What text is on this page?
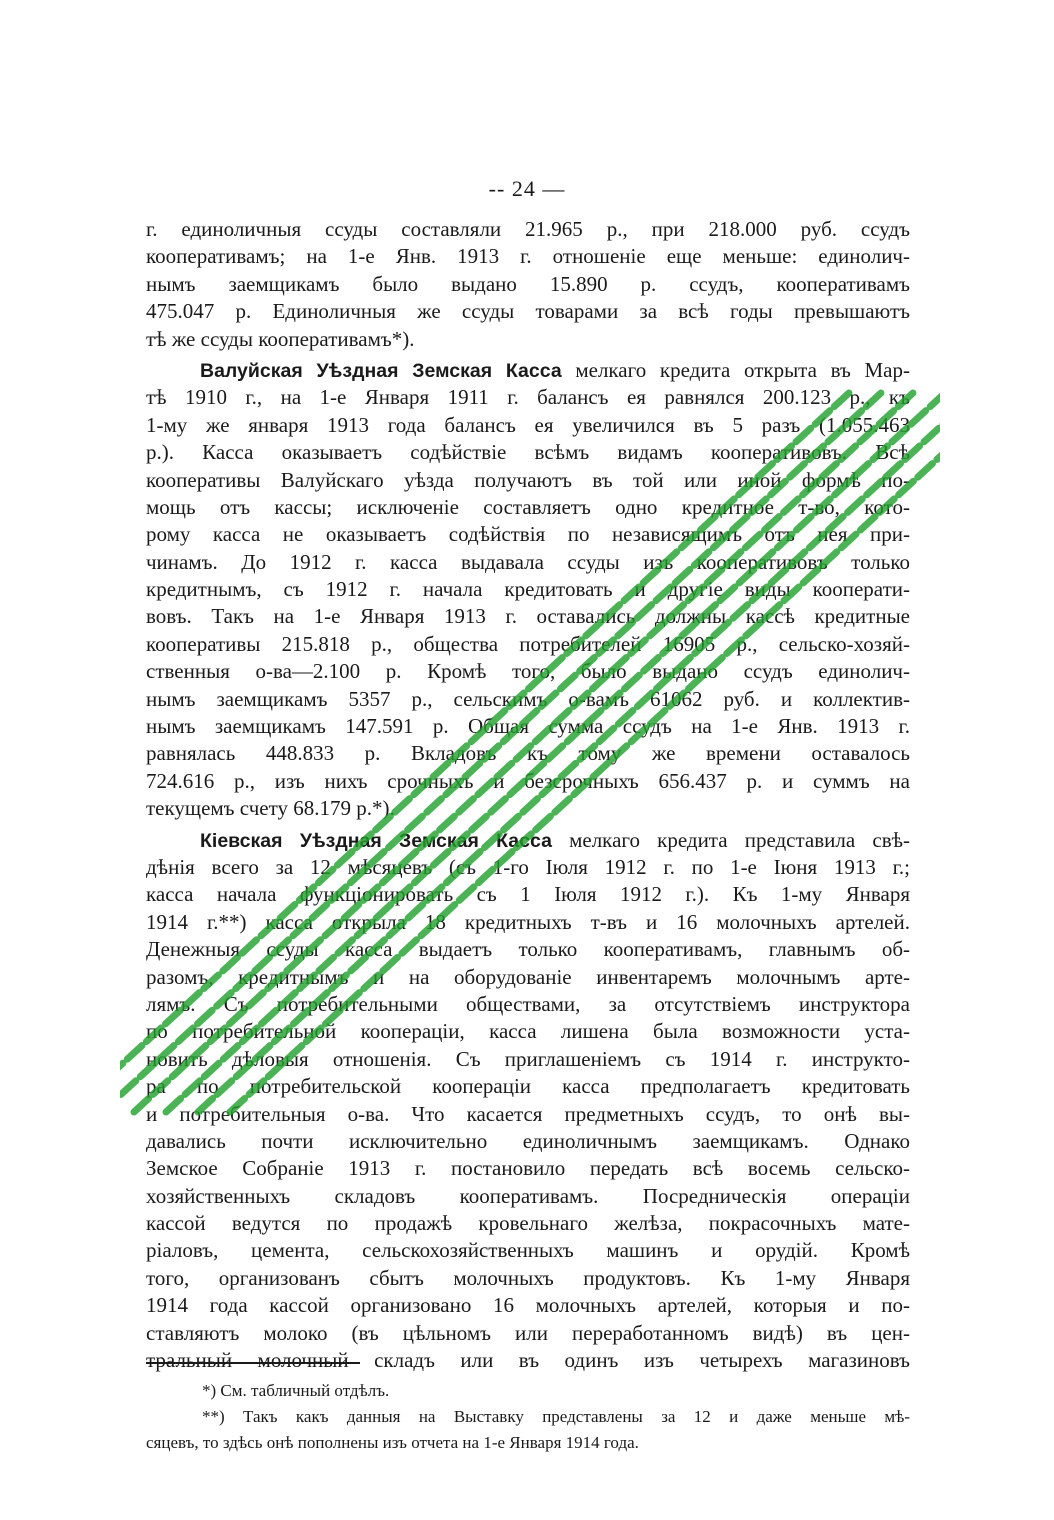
-- 24 —
г. единоличныя ссуды составляли 21.965 р., при 218.000 руб. ссудъ
кооперативамъ; на 1-е Янв. 1913 г. отношеніе еще меньше: единолич-
нымъ заемщикамъ было выдано 15.890 р. ссудъ, кооперативамъ
475.047 р. Единоличныя же ссуды товарами за всѣ годы превышаютъ
тѣ же ссуды кооперативамъ*).
Валуйская Уѣздная Земская Касса мелкаго кредита открыта въ Мар-
тѣ 1910 г., на 1-е Января 1911 г. балансъ ея равнялся 200.123 р., къ
1-му же января 1913 года балансъ ея увеличился въ 5 разъ (1.055.463
р.). Касса оказываетъ содѣйствіе всѣмъ видамъ кооперативовъ. Всѣ
кооперативы Валуйскаго уѣзда получаютъ въ той или иной формѣ по-
мощь отъ кассы; исключеніе составляетъ одно кредитное т-во, кото-
рому касса не оказываетъ содѣйствія по независящимъ отъ нея при-
чинамъ. До 1912 г. касса выдавала ссуды изъ кооперативовъ только
кредитнымъ, съ 1912 г. начала кредитовать и другіе виды кооперати-
вовъ. Такъ на 1-е Января 1913 г. оставались должны кассѣ кредитные
кооперативы 215.818 р., общества потребителей 16905 р., сельско-хозяй-
ственныя о-ва—2.100 р. Кромѣ того, было выдано ссудъ единолич-
нымъ заемщикамъ 5357 р., сельскимъ о-вамъ 61062 руб. и коллектив-
нымъ заемщикамъ 147.591 р. Общая сумма ссудъ на 1-е Янв. 1913 г.
равнялась 448.833 р. Вкладовъ къ тому же времени оставалось
724.616 р., изъ нихъ срочныхъ и безсрочныхъ 656.437 р. и суммъ на
текущемъ счету 68.179 р.*).
Кіевская Уѣздная Земская Касса мелкаго кредита представила свѣ-
дѣнія всего за 12 мѣсяцевъ (съ 1-го Іюля 1912 г. по 1-е Іюня 1913 г.;
касса начала функціонировать съ 1 Іюля 1912 г.). Къ 1-му Января
1914 г.**) касса открыла 18 кредитныхъ т-въ и 16 молочныхъ артелей.
Денежныя ссуды касса выдаетъ только кооперативамъ, главнымъ об-
разомъ, кредитнымъ и на оборудованіе инвентаремъ молочнымъ арте-
лямъ. Съ потребительными обществами, за отсутствіемъ инструктора
по потребительной коопераціи, касса лишена была возможности уста-
новить дѣловыя отношенія. Съ приглашеніемъ съ 1914 г. инструкто-
ра по потребительской коопераціи касса предполагаетъ кредитовать
и потребительныя о-ва. Что касается предметныхъ ссудъ, то онѣ вы-
давались почти исключительно единоличнымъ заемщикамъ. Однако
Земское Собраніе 1913 г. постановило передать всѣ восемь сельско-
хозяйственныхъ складовъ кооперативамъ. Посредническія операціи
кассой ведутся по продажѣ кровельнаго желѣза, покрасочныхъ мате-
ріаловъ, цемента, сельскохозяйственныхъ машинъ и орудій. Кромѣ
того, организованъ сбытъ молочныхъ продуктовъ. Къ 1-му Января
1914 года кассой организовано 16 молочныхъ артелей, которыя и по-
ставляютъ молоко (въ цѣльномъ или переработанномъ видѣ) въ цен-
тральный молочный складъ или въ одинъ изъ четырехъ магазиновъ
*) См. табличный отдѣлъ.
**) Такъ какъ данныя на Выставку представлены за 12 и даже меньше мѣ-
сяцевъ, то здѣсь онѣ пополнены изъ отчета на 1-е Января 1914 года.
